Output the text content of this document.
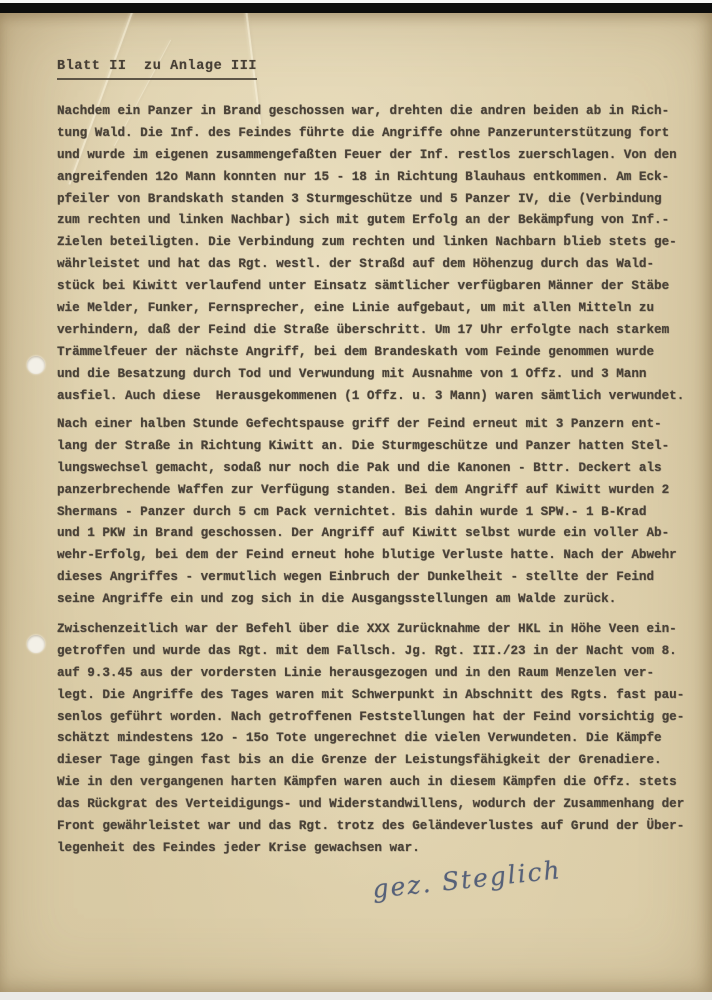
Blatt II  zu Anlage III
Nachdem ein Panzer in Brand geschossen war, drehten die andren beiden ab in Rich-
tung Wald. Die Inf. des Feindes führte die Angriffe ohne Panzerunterstützung fort
und wurde im eigenen zusammengefaßten Feuer der Inf. restlos zuerschlagen. Von den
angreifenden 12o Mann konnten nur 15 - 18 in Richtung Blauhaus entkommen. Am Eck-
pfeiler von Brandskath standen 3 Sturmgeschütze und 5 Panzer IV, die (Verbindung
zum rechten und linken Nachbar) sich mit gutem Erfolg an der Bekämpfung von Inf.-
Zielen beteiligten. Die Verbindung zum rechten und linken Nachbarn blieb stets ge-
währleistet und hat das Rgt. westl. der Straßd auf dem Höhenzug durch das Wald-
stück bei Kiwitt verlaufend unter Einsatz sämtlicher verfügbaren Männer der Stäbe
wie Melder, Funker, Fernsprecher, eine Linie aufgebaut, um mit allen Mitteln zu
verhindern, daß der Feind die Straße überschritt. Um 17 Uhr erfolgte nach starkem
Trämmelfeuer der nächste Angriff, bei dem Brandeskath vom Feinde genommen wurde
und die Besatzung durch Tod und Verwundung mit Ausnahme von 1 Offz. und 3 Mann
ausfiel. Auch diese  Herausgekommenen (1 Offz. u. 3 Mann) waren sämtlich verwundet.
Nach einer halben Stunde Gefechtspause griff der Feind erneut mit 3 Panzern ent-
lang der Straße in Richtung Kiwitt an. Die Sturmgeschütze und Panzer hatten Stel-
lungswechsel gemacht, sodaß nur noch die Pak und die Kanonen - Bttr. Deckert als
panzerbrechende Waffen zur Verfügung standen. Bei dem Angriff auf Kiwitt wurden 2
Shermans - Panzer durch 5 cm Pack vernichtet. Bis dahin wurde 1 SPW.- 1 B-Krad
und 1 PKW in Brand geschossen. Der Angriff auf Kiwitt selbst wurde ein voller Ab-
wehr-Erfolg, bei dem der Feind erneut hohe blutige Verluste hatte. Nach der Abwehr
dieses Angriffes - vermutlich wegen Einbruch der Dunkelheit - stellte der Feind
seine Angriffe ein und zog sich in die Ausgangsstellungen am Walde zurück.
Zwischenzeitlich war der Befehl über die XXX Zurücknahme der HKL in Höhe Veen ein-
getroffen und wurde das Rgt. mit dem Fallsch. Jg. Rgt. III./23 in der Nacht vom 8.
auf 9.3.45 aus der vordersten Linie herausgezogen und in den Raum Menzelen ver-
legt. Die Angriffe des Tages waren mit Schwerpunkt in Abschnitt des Rgts. fast pau-
senlos geführt worden. Nach getroffenen Feststellungen hat der Feind vorsichtig ge-
schätzt mindestens 12o - 15o Tote ungerechnet die vielen Verwundeten. Die Kämpfe
dieser Tage gingen fast bis an die Grenze der Leistungsfähigkeit der Grenadiere.
Wie in den vergangenen harten Kämpfen waren auch in diesem Kämpfen die Offz. stets
das Rückgrat des Verteidigungs- und Widerstandwillens, wodurch der Zusammenhang der
Front gewährleistet war und das Rgt. trotz des Geländeverlustes auf Grund der Über-
legenheit des Feindes jeder Krise gewachsen war.
gez. Steglich
